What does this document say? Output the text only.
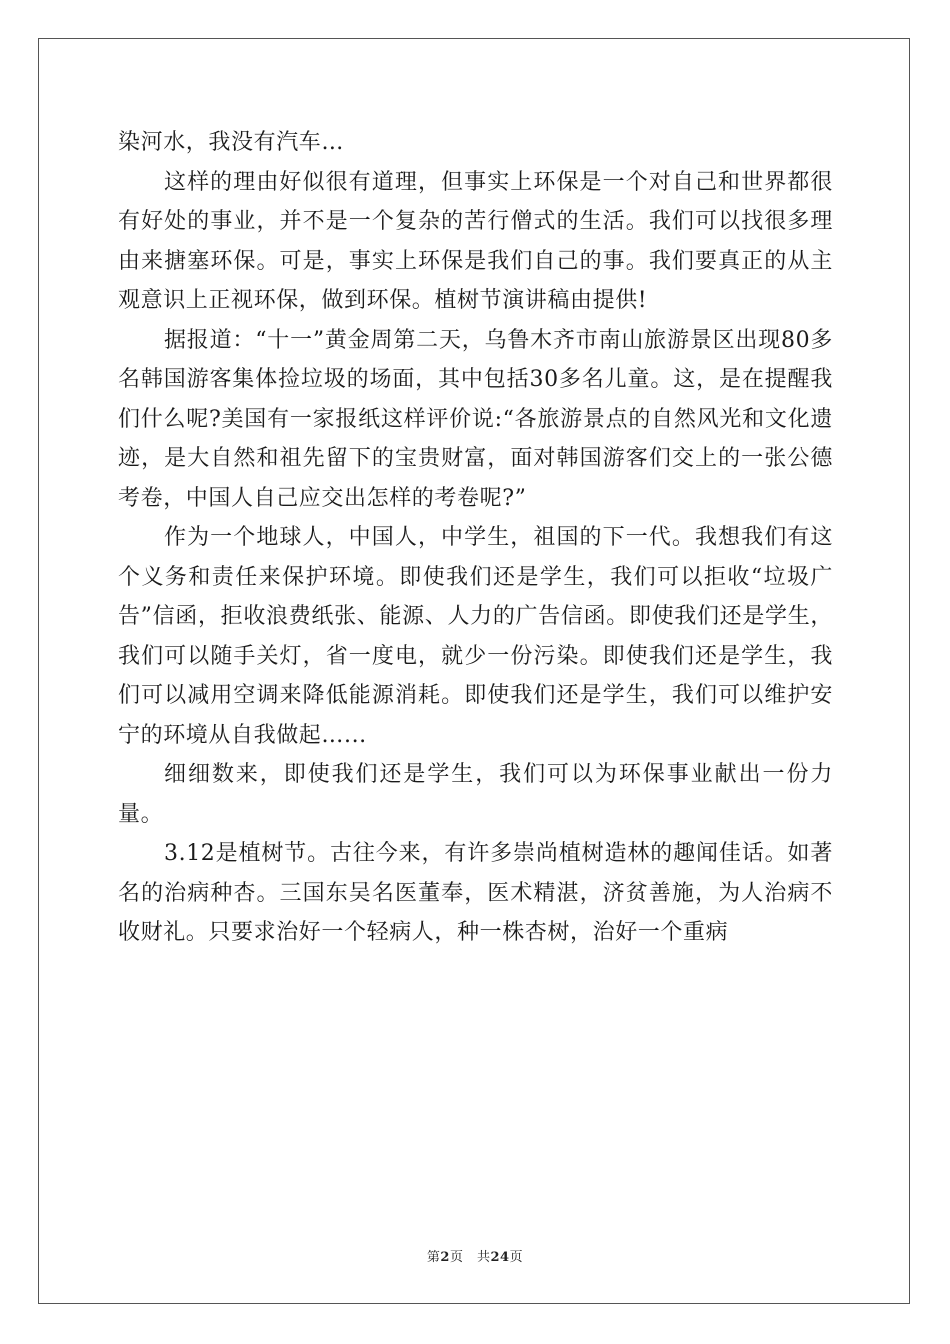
染河水，我没有汽车…

这样的理由好似很有道理，但事实上环保是一个对自己和世界都很有好处的事业，并不是一个复杂的苦行僧式的生活。我们可以找很多理由来搪塞环保。可是，事实上环保是我们自己的事。我们要真正的从主观意识上正视环保，做到环保。植树节演讲稿由提供!

据报道：“十一”黄金周第二天，乌鲁木齐市南山旅游景区出现80多名韩国游客集体捡垃圾的场面，其中包括30多名儿童。这，是在提醒我们什么呢?美国有一家报纸这样评价说:“各旅游景点的自然风光和文化遗迹，是大自然和祖先留下的宝贵财富，面对韩国游客们交上的一张公德考卷，中国人自己应交出怎样的考卷呢?”

作为一个地球人，中国人，中学生，祖国的下一代。我想我们有这个义务和责任来保护环境。即使我们还是学生，我们可以拒收“垃圾广告”信函，拒收浪费纸张、能源、人力的广告信函。即使我们还是学生，我们可以随手关灯，省一度电，就少一份污染。即使我们还是学生，我们可以减用空调来降低能源消耗。即使我们还是学生，我们可以维护安宁的环境从自我做起…...

细细数来，即使我们还是学生，我们可以为环保事业献出一份力量。

3.12是植树节。古往今来，有许多崇尚植树造林的趣闻佳话。如著名的治病种杏。三国东吴名医董奉，医术精湛，济贫善施，为人治病不收财礼。只要求治好一个轻病人，种一株杏树，治好一个重病

第2页　共24页
